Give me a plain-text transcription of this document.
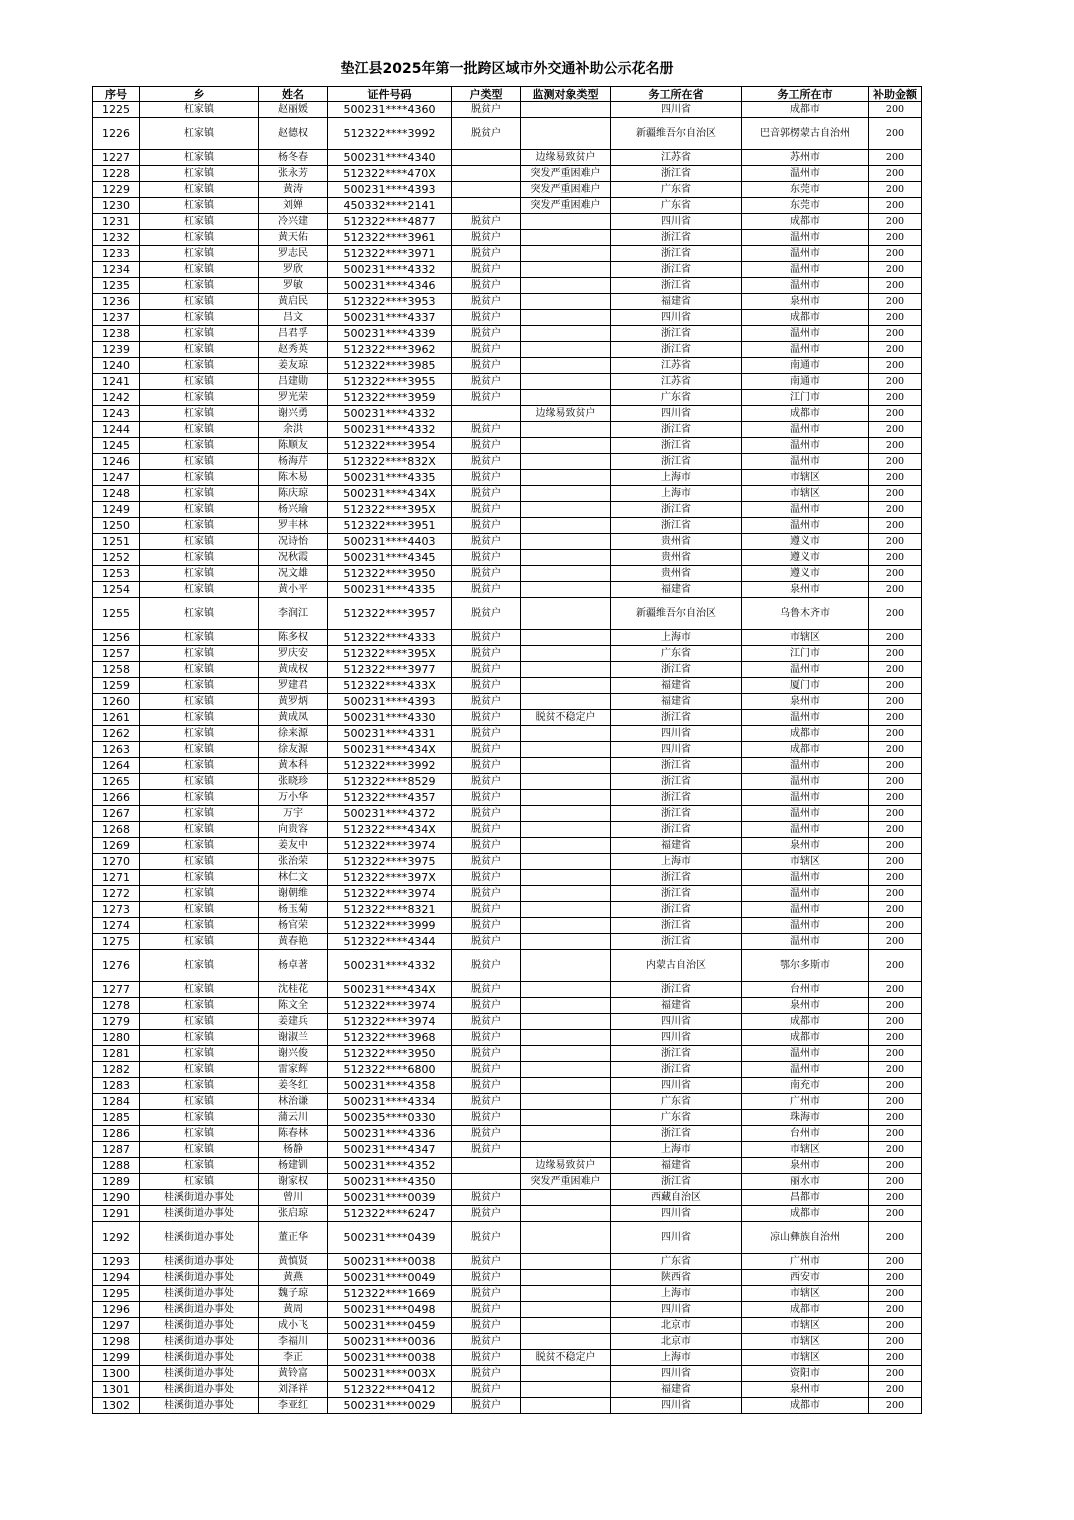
垫江县2025年第一批跨区域市外交通补助公示花名册
序号	乡	姓名	证件号码	户类型	监测对象类型	务工所在省	务工所在市	补助金额
1225	杠家镇	赵丽媛	500231****4360	脱贫户		四川省	成都市	200
1226	杠家镇	赵德权	512322****3992	脱贫户		新疆维吾尔自治区	巴音郭楞蒙古自治州	200
1227	杠家镇	杨冬春	500231****4340		边缘易致贫户	江苏省	苏州市	200
1228	杠家镇	张永芳	512322****470X		突发严重困难户	浙江省	温州市	200
1229	杠家镇	黄涛	500231****4393		突发严重困难户	广东省	东莞市	200
1230	杠家镇	刘婵	450332****2141		突发严重困难户	广东省	东莞市	200
1231	杠家镇	冷兴建	512322****4877	脱贫户		四川省	成都市	200
1232	杠家镇	黄天佑	512322****3961	脱贫户		浙江省	温州市	200
1233	杠家镇	罗志民	512322****3971	脱贫户		浙江省	温州市	200
1234	杠家镇	罗欣	500231****4332	脱贫户		浙江省	温州市	200
1235	杠家镇	罗敏	500231****4346	脱贫户		浙江省	温州市	200
1236	杠家镇	黄启民	512322****3953	脱贫户		福建省	泉州市	200
1237	杠家镇	吕文	500231****4337	脱贫户		四川省	成都市	200
1238	杠家镇	吕君孚	500231****4339	脱贫户		浙江省	温州市	200
1239	杠家镇	赵秀英	512322****3962	脱贫户		浙江省	温州市	200
1240	杠家镇	姜友琼	512322****3985	脱贫户		江苏省	南通市	200
1241	杠家镇	吕建勋	512322****3955	脱贫户		江苏省	南通市	200
1242	杠家镇	罗光荣	512322****3959	脱贫户		广东省	江门市	200
1243	杠家镇	谢兴勇	500231****4332		边缘易致贫户	四川省	成都市	200
1244	杠家镇	余洪	500231****4332	脱贫户		浙江省	温州市	200
1245	杠家镇	陈顺友	512322****3954	脱贫户		浙江省	温州市	200
1246	杠家镇	杨海芹	512322****832X	脱贫户		浙江省	温州市	200
1247	杠家镇	陈木易	500231****4335	脱贫户		上海市	市辖区	200
1248	杠家镇	陈庆琼	500231****434X	脱贫户		上海市	市辖区	200
1249	杠家镇	杨兴瑜	512322****395X	脱贫户		浙江省	温州市	200
1250	杠家镇	罗丰林	512322****3951	脱贫户		浙江省	温州市	200
1251	杠家镇	况诗怡	500231****4403	脱贫户		贵州省	遵义市	200
1252	杠家镇	况秋霞	500231****4345	脱贫户		贵州省	遵义市	200
1253	杠家镇	况文雄	512322****3950	脱贫户		贵州省	遵义市	200
1254	杠家镇	黄小平	500231****4335	脱贫户		福建省	泉州市	200
1255	杠家镇	李润江	512322****3957	脱贫户		新疆维吾尔自治区	乌鲁木齐市	200
1256	杠家镇	陈多权	512322****4333	脱贫户		上海市	市辖区	200
1257	杠家镇	罗庆安	512322****395X	脱贫户		广东省	江门市	200
1258	杠家镇	黄成权	512322****3977	脱贫户		浙江省	温州市	200
1259	杠家镇	罗建君	512322****433X	脱贫户		福建省	厦门市	200
1260	杠家镇	黄罗炳	500231****4393	脱贫户		福建省	泉州市	200
1261	杠家镇	黄成凤	500231****4330	脱贫户	脱贫不稳定户	浙江省	温州市	200
1262	杠家镇	徐来源	500231****4331	脱贫户		四川省	成都市	200
1263	杠家镇	徐友源	500231****434X	脱贫户		四川省	成都市	200
1264	杠家镇	黄本科	512322****3992	脱贫户		浙江省	温州市	200
1265	杠家镇	张晓珍	512322****8529	脱贫户		浙江省	温州市	200
1266	杠家镇	万小华	512322****4357	脱贫户		浙江省	温州市	200
1267	杠家镇	万宇	500231****4372	脱贫户		浙江省	温州市	200
1268	杠家镇	向贵容	512322****434X	脱贫户		浙江省	温州市	200
1269	杠家镇	姜友中	512322****3974	脱贫户		福建省	泉州市	200
1270	杠家镇	张治荣	512322****3975	脱贫户		上海市	市辖区	200
1271	杠家镇	林仁文	512322****397X	脱贫户		浙江省	温州市	200
1272	杠家镇	谢朝维	512322****3974	脱贫户		浙江省	温州市	200
1273	杠家镇	杨玉菊	512322****8321	脱贫户		浙江省	温州市	200
1274	杠家镇	杨官荣	512322****3999	脱贫户		浙江省	温州市	200
1275	杠家镇	黄春艳	512322****4344	脱贫户		浙江省	温州市	200
1276	杠家镇	杨卓著	500231****4332	脱贫户		内蒙古自治区	鄂尔多斯市	200
1277	杠家镇	沈桂花	500231****434X	脱贫户		浙江省	台州市	200
1278	杠家镇	陈文全	512322****3974	脱贫户		福建省	泉州市	200
1279	杠家镇	姜建兵	512322****3974	脱贫户		四川省	成都市	200
1280	杠家镇	谢淑兰	512322****3968	脱贫户		四川省	成都市	200
1281	杠家镇	谢兴俊	512322****3950	脱贫户		浙江省	温州市	200
1282	杠家镇	雷家辉	512322****6800	脱贫户		浙江省	温州市	200
1283	杠家镇	姜冬红	500231****4358	脱贫户		四川省	南充市	200
1284	杠家镇	林治谦	500231****4334	脱贫户		广东省	广州市	200
1285	杠家镇	蒲云川	500235****0330	脱贫户		广东省	珠海市	200
1286	杠家镇	陈春林	500231****4336	脱贫户		浙江省	台州市	200
1287	杠家镇	杨静	500231****4347	脱贫户		上海市	市辖区	200
1288	杠家镇	杨建钏	500231****4352		边缘易致贫户	福建省	泉州市	200
1289	杠家镇	谢家权	500231****4350		突发严重困难户	浙江省	丽水市	200
1290	桂溪街道办事处	曾川	500231****0039	脱贫户		西藏自治区	昌都市	200
1291	桂溪街道办事处	张启琼	512322****6247	脱贫户		四川省	成都市	200
1292	桂溪街道办事处	董正华	500231****0439	脱贫户		四川省	凉山彝族自治州	200
1293	桂溪街道办事处	黄慎贤	500231****0038	脱贫户		广东省	广州市	200
1294	桂溪街道办事处	黄燕	500231****0049	脱贫户		陕西省	西安市	200
1295	桂溪街道办事处	魏子琼	512322****1669	脱贫户		上海市	市辖区	200
1296	桂溪街道办事处	黄周	500231****0498	脱贫户		四川省	成都市	200
1297	桂溪街道办事处	成小飞	500231****0459	脱贫户		北京市	市辖区	200
1298	桂溪街道办事处	李福川	500231****0036	脱贫户		北京市	市辖区	200
1299	桂溪街道办事处	李正	500231****0038	脱贫户	脱贫不稳定户	上海市	市辖区	200
1300	桂溪街道办事处	黄铃富	500231****003X	脱贫户		四川省	资阳市	200
1301	桂溪街道办事处	刘泽祥	512322****0412	脱贫户		福建省	泉州市	200
1302	桂溪街道办事处	李亚红	500231****0029	脱贫户		四川省	成都市	200
